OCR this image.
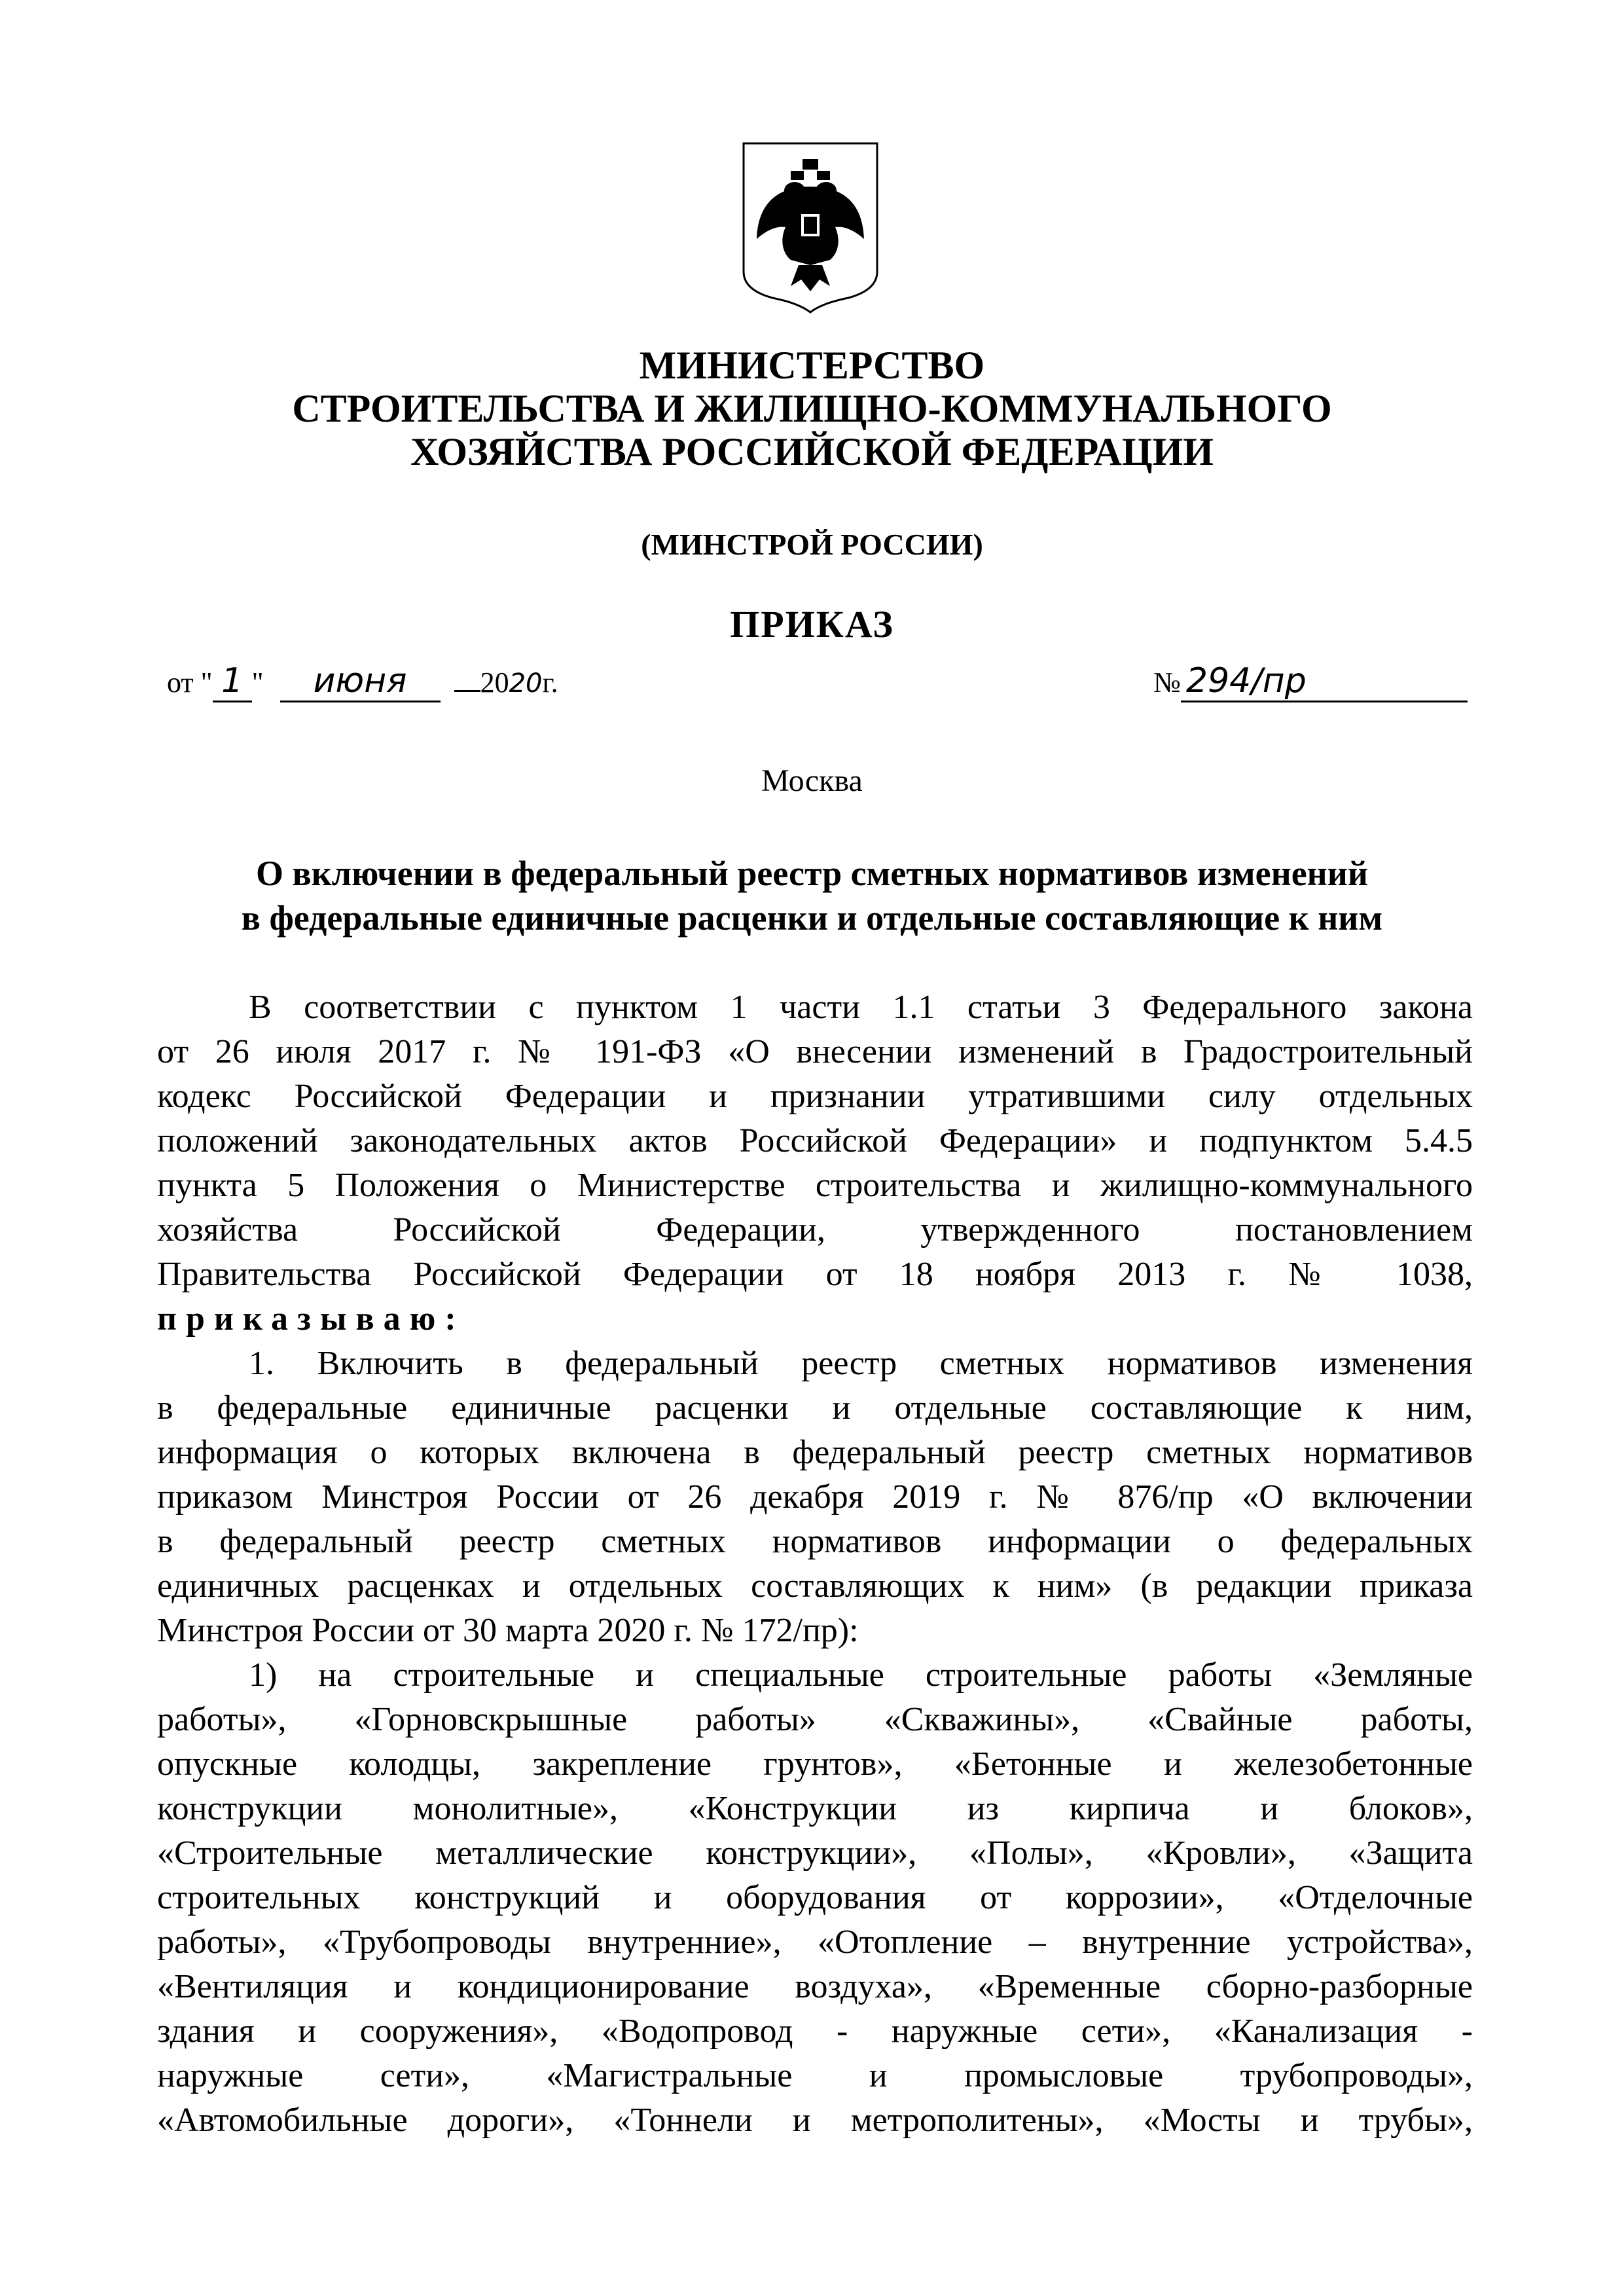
МИНИСТЕРСТВО
СТРОИТЕЛЬСТВА И ЖИЛИЩНО-КОММУНАЛЬНОГО
ХОЗЯЙСТВА РОССИЙСКОЙ ФЕДЕРАЦИИ
(МИНСТРОЙ РОССИИ)
ПРИКАЗ
от " 1 " июня	2020г.	№ 294/пр
Москва
О включении в федеральный реестр сметных нормативов изменений
в федеральные единичные расценки и отдельные составляющие к ним
В соответствии с пунктом 1 части 1.1 статьи 3 Федерального закона
от 26 июля 2017 г. № 191-ФЗ «О внесении изменений в Градостроительный
кодекс Российской Федерации и признании утратившими силу отдельных
положений законодательных актов Российской Федерации» и подпунктом 5.4.5
пункта 5 Положения о Министерстве строительства и жилищно-коммунального
хозяйства Российской Федерации, утвержденного постановлением
Правительства Российской Федерации от 18 ноября 2013 г. № 1038,
приказываю:
1. Включить в федеральный реестр сметных нормативов изменения
в федеральные единичные расценки и отдельные составляющие к ним,
информация о которых включена в федеральный реестр сметных нормативов
приказом Минстроя России от 26 декабря 2019 г. № 876/пр «О включении
в федеральный реестр сметных нормативов информации о федеральных
единичных расценках и отдельных составляющих к ним» (в редакции приказа
Минстроя России от 30 марта 2020 г. № 172/пр):
1) на строительные и специальные строительные работы «Земляные
работы», «Горновскрышные работы» «Скважины», «Свайные работы,
опускные колодцы, закрепление грунтов», «Бетонные и железобетонные
конструкции монолитные», «Конструкции из кирпича и блоков»,
«Строительные металлические конструкции», «Полы», «Кровли», «Защита
строительных конструкций и оборудования от коррозии», «Отделочные
работы», «Трубопроводы внутренние», «Отопление – внутренние устройства»,
«Вентиляция и кондиционирование воздуха», «Временные сборно-разборные
здания и сооружения», «Водопровод - наружные сети», «Канализация -
наружные сети», «Магистральные и промысловые трубопроводы»,
«Автомобильные дороги», «Тоннели и метрополитены», «Мосты и трубы»,
